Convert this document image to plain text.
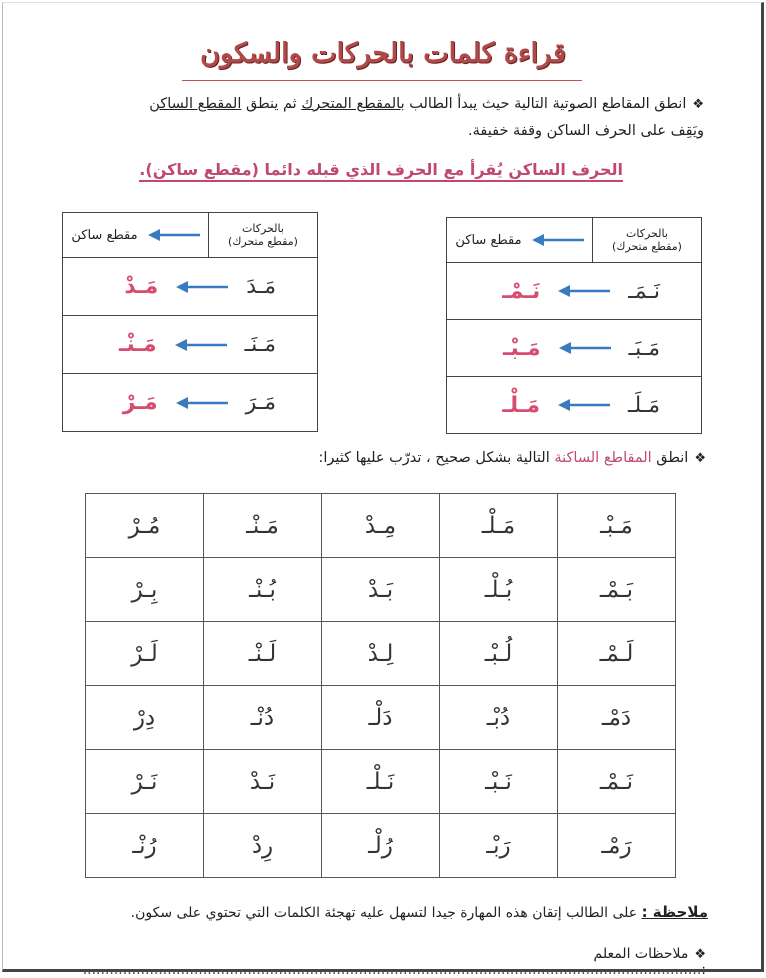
قراءة كلمات بالحركات والسكون
❖انطق المقاطع الصوتية التالية حيث يبدأ الطالب بالمقطع المتحرك ثم ينطق المقطع الساكن
ويَقِف على الحرف الساكن وقفة خفيفة.
الحرف الساكن يُقرأ مع الحرف الذي قبله دائما (مقطع ساكن).
بالحركات
(مقطع متحرك)

مقطع ساكن

نَـمَـ
نَـمْـ

مَـبَـ
مَـبْـ

مَـلَـ
مَـلْـ
بالحركات
(مقطع متحرك)

مقطع ساكن

مَـدَ
مَـدْ

مَـنَـ
مَـنْـ

مَـرَ
مَـرْ
❖انطق المقاطع الساكنة التالية بشكل صحيح ، تدرّب عليها كثيرا:
مَـبْـ	مَـلْـ	مِـدْ	مَـنْـ	مُـرْ
بَـمْـ	بُـلْـ	بَـدْ	بُـنْـ	بِـرْ
لَـمْـ	لُـبْـ	لِـدْ	لَـنْـ	لَـرْ
دَمْـ	دُبْـ	دَلْـ	دُنْـ	دِرْ
نَـمْـ	نَـبْـ	نَـلْـ	نَـدْ	نَـرْ
رَمْـ	رَبْـ	رُلْـ	رِدْ	رُنْـ
ملاحظة : على الطالب إتقان هذه المهارة جيدا لتسهل عليه تهجئة الكلمات التي تحتوي على سكون.
❖ملاحظات المعلم :...........................................................................................................................................
